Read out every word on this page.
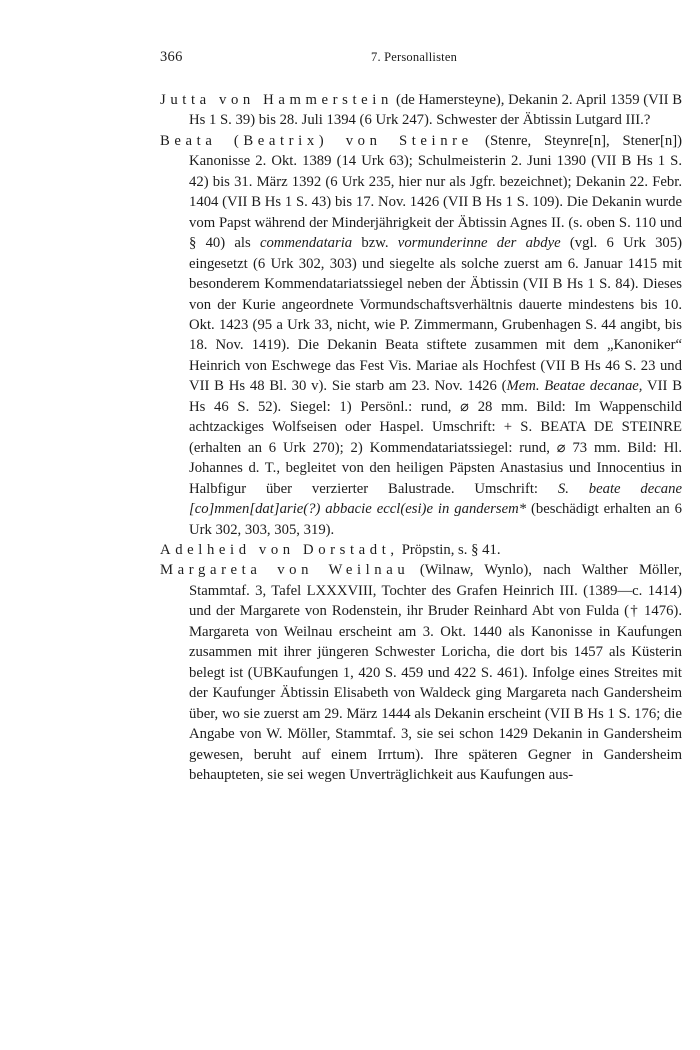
366	7. Personallisten

Jutta von Hammerstein (de Hamersteyne), Dekanin 2. April 1359 (VII B Hs 1 S. 39) bis 28. Juli 1394 (6 Urk 247). Schwester der Äbtissin Lutgard III.?

Beata (Beatrix) von Steinre (Stenre, Steynre[n], Stener[n]) Kanonisse 2. Okt. 1389 (14 Urk 63); Schulmeisterin 2. Juni 1390 (VII B Hs 1 S. 42) bis 31. März 1392 (6 Urk 235, hier nur als Jgfr. bezeichnet); Dekanin 22. Febr. 1404 (VII B Hs 1 S. 43) bis 17. Nov. 1426 (VII B Hs 1 S. 109). Die Dekanin wurde vom Papst während der Minderjährigkeit der Äbtissin Agnes II. (s. oben S. 110 und § 40) als commendataria bzw. vormunderinne der abdye (vgl. 6 Urk 305) eingesetzt (6 Urk 302, 303) und siegelte als solche zuerst am 6. Januar 1415 mit besonderem Kommendatariatssiegel neben der Äbtissin (VII B Hs 1 S. 84). Dieses von der Kurie angeordnete Vormundschaftsverhältnis dauerte mindestens bis 10. Okt. 1423 (95 a Urk 33, nicht, wie P. Zimmermann, Grubenhagen S. 44 angibt, bis 18. Nov. 1419). Die Dekanin Beata stiftete zusammen mit dem „Kanoniker“ Heinrich von Eschwege das Fest Vis. Mariae als Hochfest (VII B Hs 46 S. 23 und VII B Hs 48 Bl. 30 v). Sie starb am 23. Nov. 1426 (Mem. Beatae decanae, VII B Hs 46 S. 52). Siegel: 1) Persönl.: rund, ⌀ 28 mm. Bild: Im Wappenschild achtzackiges Wolfseisen oder Haspel. Umschrift: + S. BEATA DE STEINRE (erhalten an 6 Urk 270); 2) Kommendatariatssiegel: rund, ⌀ 73 mm. Bild: Hl. Johannes d. T., begleitet von den heiligen Päpsten Anastasius und Innocentius in Halbfigur über verzierter Balustrade. Umschrift: S. beate decane [co]mmen[dat]arie(?) abbacie eccl(esi)e in gandersem* (beschädigt erhalten an 6 Urk 302, 303, 305, 319).

Adelheid von Dorstadt, Pröpstin, s. § 41.

Margareta von Weilnau (Wilnaw, Wynlo), nach Walther Möller, Stammtaf. 3, Tafel LXXXVIII, Tochter des Grafen Heinrich III. (1389—c. 1414) und der Margarete von Rodenstein, ihr Bruder Reinhard Abt von Fulda († 1476). Margareta von Weilnau erscheint am 3. Okt. 1440 als Kanonisse in Kaufungen zusammen mit ihrer jüngeren Schwester Loricha, die dort bis 1457 als Küsterin belegt ist (UBKaufungen 1, 420 S. 459 und 422 S. 461). Infolge eines Streites mit der Kaufunger Äbtissin Elisabeth von Waldeck ging Margareta nach Gandersheim über, wo sie zuerst am 29. März 1444 als Dekanin erscheint (VII B Hs 1 S. 176; die Angabe von W. Möller, Stammtaf. 3, sie sei schon 1429 Dekanin in Gandersheim gewesen, beruht auf einem Irrtum). Ihre späteren Gegner in Gandersheim behaupteten, sie sei wegen Unverträglichkeit aus Kaufungen aus-
